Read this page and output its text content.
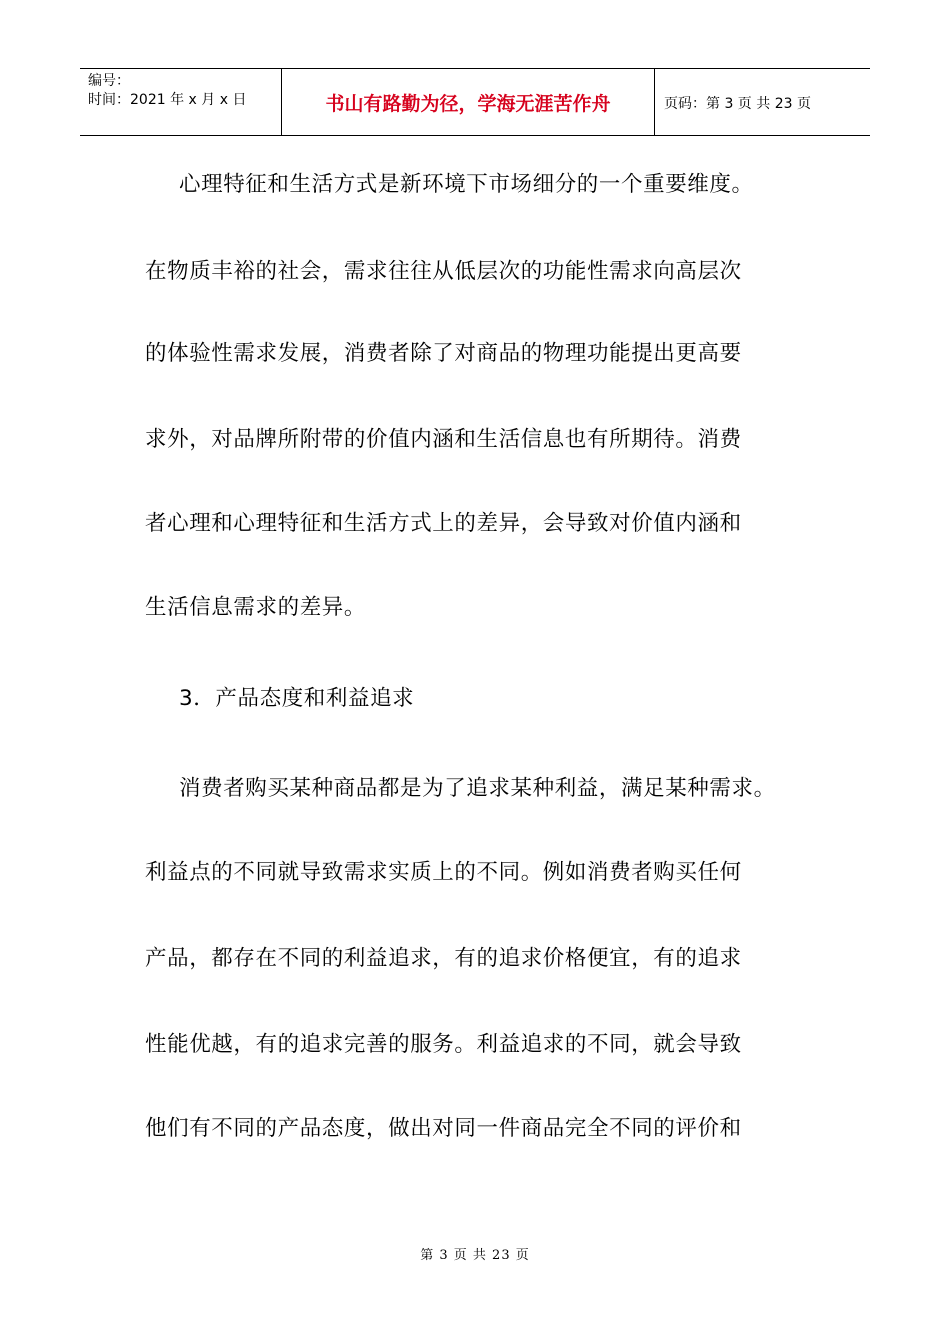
编号：
时间：2021 年 x 月 x 日	书山有路勤为径，学海无涯苦作舟	页码：第 3 页 共 23 页
心理特征和生活方式是新环境下市场细分的一个重要维度。
在物质丰裕的社会，需求往往从低层次的功能性需求向高层次
的体验性需求发展，消费者除了对商品的物理功能提出更高要
求外，对品牌所附带的价值内涵和生活信息也有所期待。消费
者心理和心理特征和生活方式上的差异，会导致对价值内涵和
生活信息需求的差异。
3．产品态度和利益追求
消费者购买某种商品都是为了追求某种利益，满足某种需求。
利益点的不同就导致需求实质上的不同。例如消费者购买任何
产品，都存在不同的利益追求，有的追求价格便宜，有的追求
性能优越，有的追求完善的服务。利益追求的不同，就会导致
他们有不同的产品态度，做出对同一件商品完全不同的评价和
第 3 页 共 23 页
